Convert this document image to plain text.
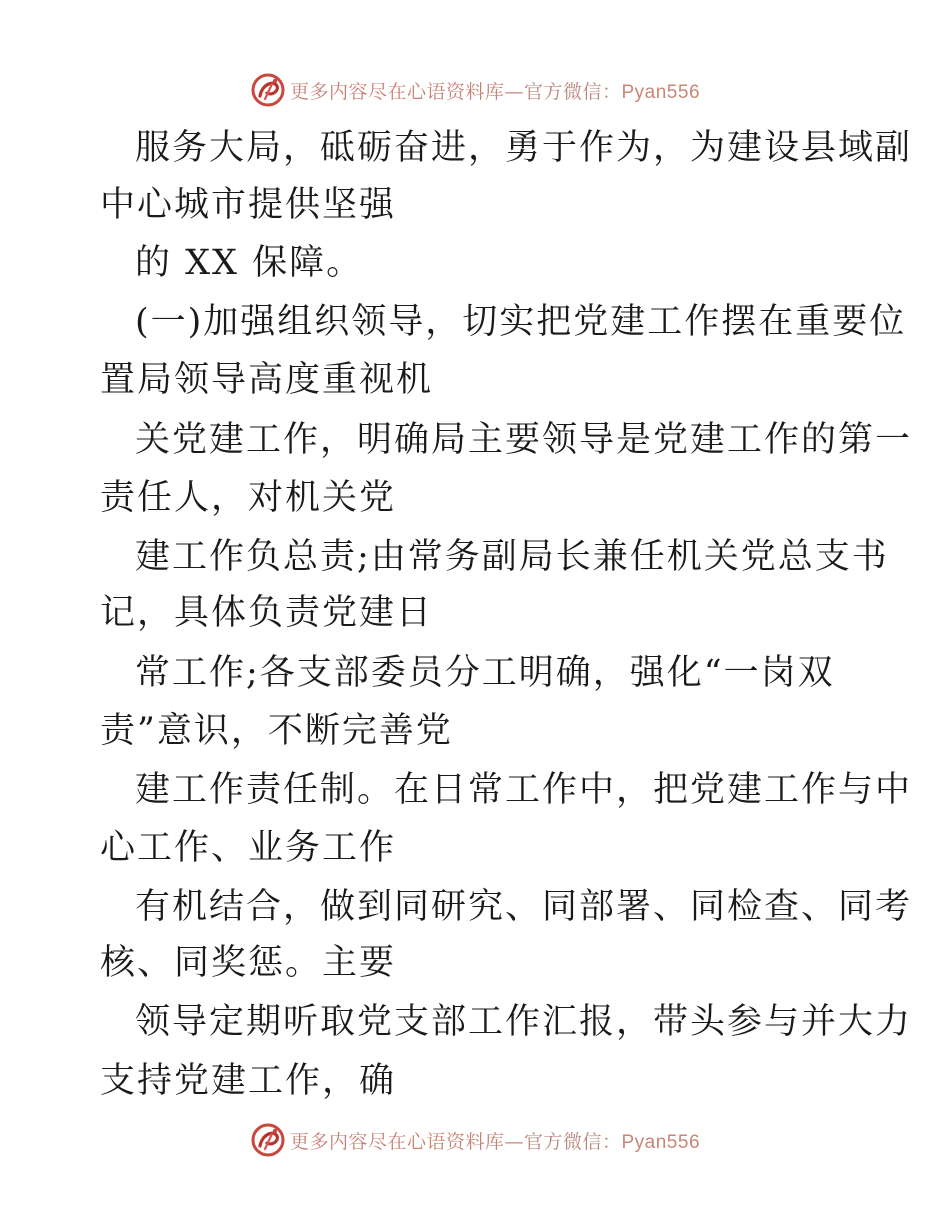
更多内容尽在心语资料库—官方微信：Pyan556
服务大局，砥砺奋进，勇于作为，为建设县域副
中心城市提供坚强
的 XX 保障。
(一)加强组织领导，切实把党建工作摆在重要位
置局领导高度重视机
关党建工作，明确局主要领导是党建工作的第一
责任人，对机关党
建工作负总责;由常务副局长兼任机关党总支书
记，具体负责党建日
常工作;各支部委员分工明确，强化“一岗双
责”意识，不断完善党
建工作责任制。在日常工作中，把党建工作与中
心工作、业务工作
有机结合，做到同研究、同部署、同检查、同考
核、同奖惩。主要
领导定期听取党支部工作汇报，带头参与并大力
支持党建工作，确
更多内容尽在心语资料库—官方微信：Pyan556
